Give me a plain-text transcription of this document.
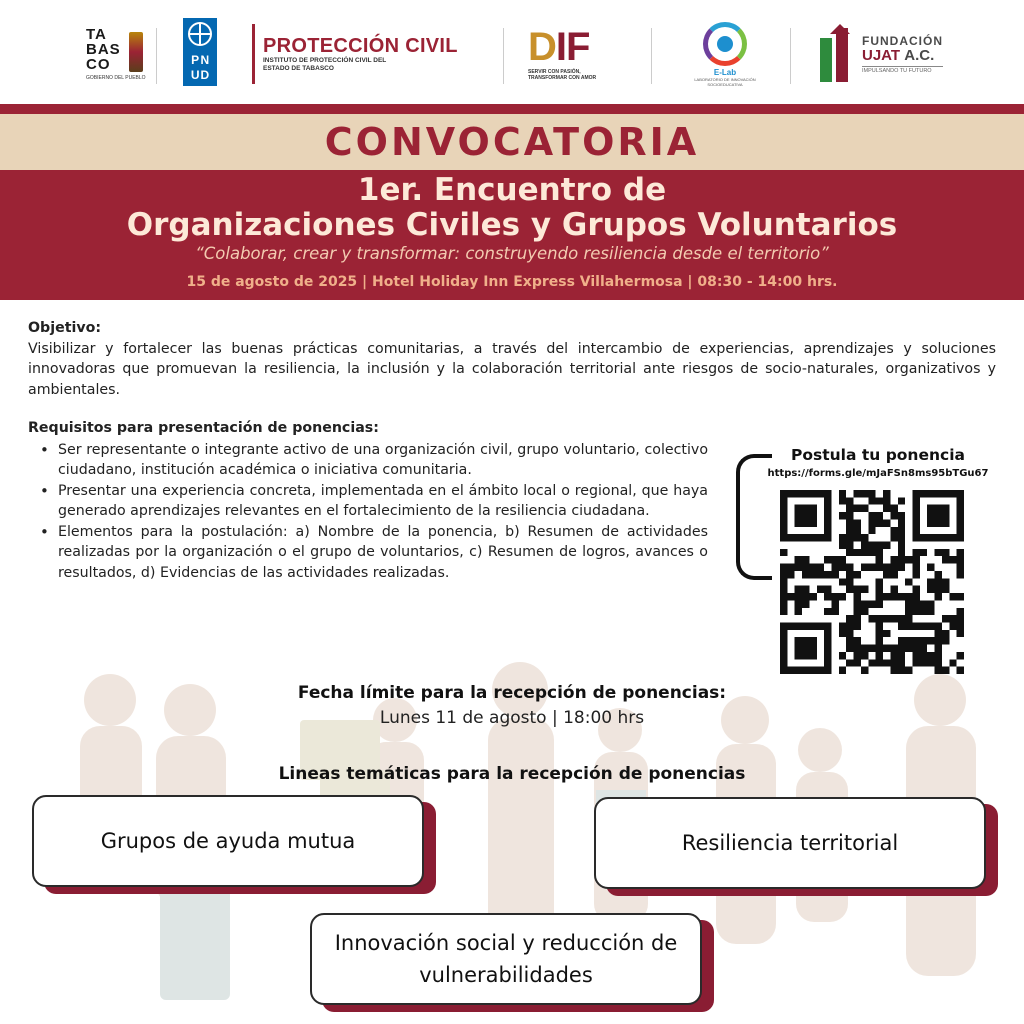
TA
BAS
CO
GOBIERNO DEL PUEBLO
P N
U D
PROTECCIÓN CIVIL
INSTITUTO DE PROTECCIÓN CIVIL DEL ESTADO DE TABASCO	DIF
SERVIR CON PASIÓN, TRANSFORMAR CON AMOR
E-Lab
LABORATORIO DE INNOVACIÓN SOCIOEDUCATIVA
FUNDACIÓN
UJAT A.C.
IMPULSANDO TU FUTURO
CONVOCATORIA
1er. Encuentro de
Organizaciones Civiles y Grupos Voluntarios
“Colaborar, crear y transformar: construyendo resiliencia desde el territorio”
15 de agosto de 2025 | Hotel Holiday Inn Express Villahermosa | 08:30 - 14:00 hrs.
Objetivo:

Visibilizar y fortalecer las buenas prácticas comunitarias, a través del intercambio de experiencias, aprendizajes y soluciones innovadoras que promuevan la resiliencia, la inclusión y la colaboración territorial ante riesgos de socio-naturales, organizativos y ambientales.

Requisitos para presentación de ponencias:
• Ser representante o integrante activo de una organización civil, grupo voluntario, colectivo ciudadano, institución académica o iniciativa comunitaria.
• Presentar una experiencia concreta, implementada en el ámbito local o regional, que haya generado aprendizajes relevantes en el fortalecimiento de la resiliencia ciudadana.
• Elementos para la postulación: a) Nombre de la ponencia, b) Resumen de actividades realizadas por la organización o el grupo de voluntarios, c) Resumen de logros, avances o resultados, d) Evidencias de las actividades realizadas.
Postula tu ponencia
https://forms.gle/mJaFSn8ms95bTGu67
Fecha límite para la recepción de ponencias:
Lunes 11 de agosto | 18:00 hrs
Lineas temáticas para la recepción de ponencias
Grupos de ayuda mutua	Resiliencia territorial
Innovación social y reducción de vulnerabilidades
